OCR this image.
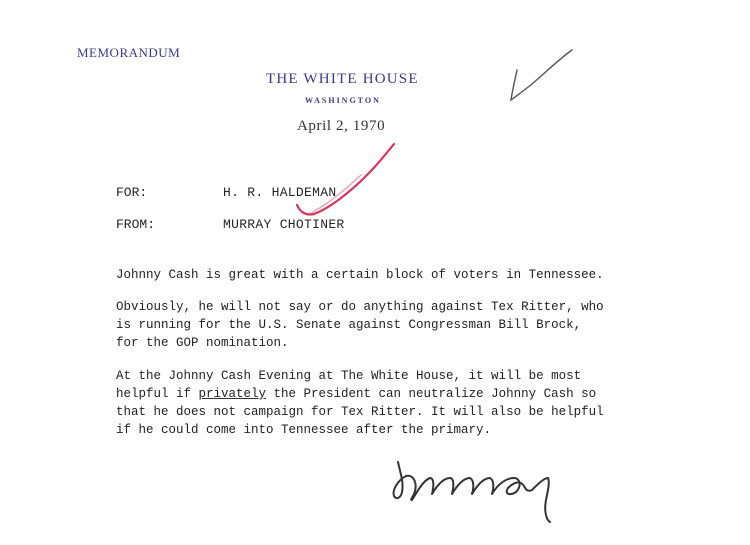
MEMORANDUM
THE WHITE HOUSE
WASHINGTON
April 2, 1970
FOR:	H. R. HALDEMAN
FROM:	MURRAY CHOTINER
Johnny Cash is great with a certain block of voters in Tennessee.
Obviously, he will not say or do anything against Tex Ritter, who
is running for the U.S. Senate against Congressman Bill Brock,
for the GOP nomination.
At the Johnny Cash Evening at The White House, it will be most
helpful if privately the President can neutralize Johnny Cash so
that he does not campaign for Tex Ritter. It will also be helpful
if he could come into Tennessee after the primary.
